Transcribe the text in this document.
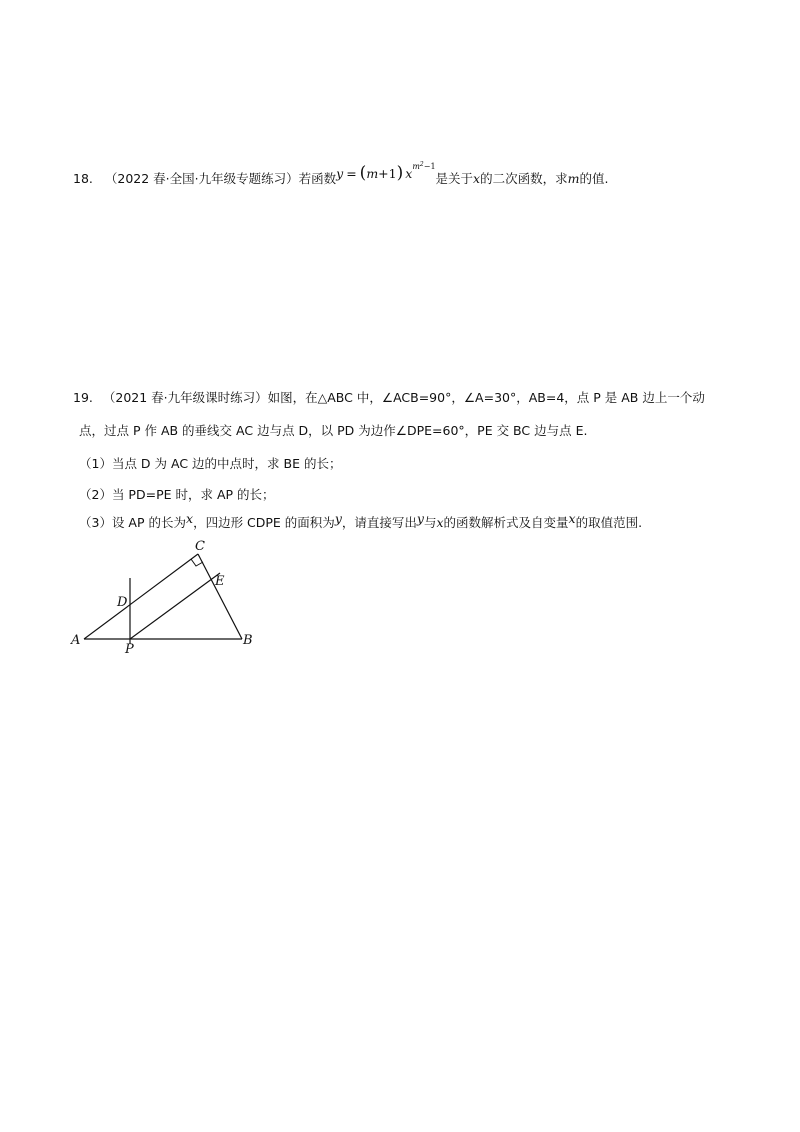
18. （2022 春·全国·九年级专题练习）若函数y = (m+1) $x^{m^2-1}$是关于x的二次函数，求m的值.
19. （2021 春·九年级课时练习）如图，在△ABC 中，∠ACB=90°，∠A=30°，AB=4，点 P 是 AB 边上一个动
点，过点 P 作 AB 的垂线交 AC 边与点 D，以 PD 为边作∠DPE=60°，PE 交 BC 边与点 E.
（1）当点 D 为 AC 边的中点时，求 BE 的长；
（2）当 PD=PE 时，求 AP 的长；
（3）设 AP 的长为x，四边形 CDPE 的面积为y，请直接写出y与x的函数解析式及自变量x的取值范围.
A	B
C
D
E
P
